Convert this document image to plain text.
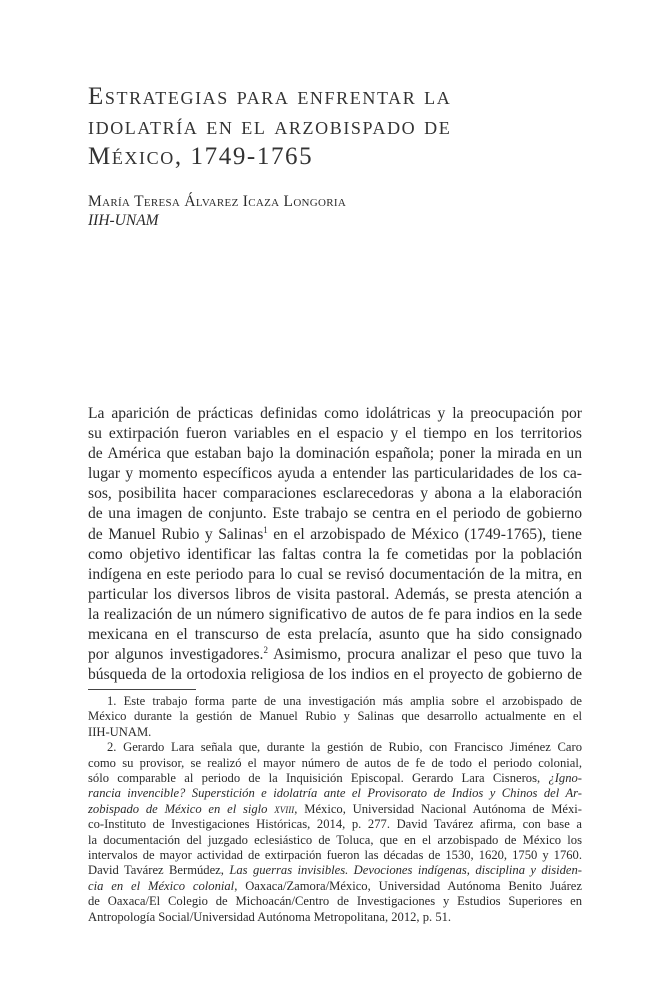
Estrategias para enfrentar la
idolatría en el arzobispado de
México, 1749-1765
María Teresa Álvarez Icaza Longoria
IIH-UNAM
La aparición de prácticas definidas como idolátricas y la preocupación por
su extirpación fueron variables en el espacio y el tiempo en los territorios
de América que estaban bajo la dominación española; poner la mirada en un
lugar y momento específicos ayuda a entender las particularidades de los ca-
sos, posibilita hacer comparaciones esclarecedoras y abona a la elaboración
de una imagen de conjunto. Este trabajo se centra en el periodo de gobierno
de Manuel Rubio y Salinas$^1$ en el arzobispado de México (1749-1765), tiene
como objetivo identificar las faltas contra la fe cometidas por la población
indígena en este periodo para lo cual se revisó documentación de la mitra, en
particular los diversos libros de visita pastoral. Además, se presta atención a
la realización de un número significativo de autos de fe para indios en la sede
mexicana en el transcurso de esta prelacía, asunto que ha sido consignado
por algunos investigadores.$^2$ Asimismo, procura analizar el peso que tuvo la
búsqueda de la ortodoxia religiosa de los indios en el proyecto de gobierno de
1. Este trabajo forma parte de una investigación más amplia sobre el arzobispado de
México durante la gestión de Manuel Rubio y Salinas que desarrollo actualmente en el
IIH-UNAM.
2. Gerardo Lara señala que, durante la gestión de Rubio, con Francisco Jiménez Caro
como su provisor, se realizó el mayor número de autos de fe de todo el periodo colonial,
sólo comparable al periodo de la Inquisición Episcopal. Gerardo Lara Cisneros, ¿Igno-
rancia invencible? Superstición e idolatría ante el Provisorato de Indios y Chinos del Ar-
zobispado de México en el siglo xviii, México, Universidad Nacional Autónoma de Méxi-
co-Instituto de Investigaciones Históricas, 2014, p. 277. David Tavárez afirma, con base a
la documentación del juzgado eclesiástico de Toluca, que en el arzobispado de México los
intervalos de mayor actividad de extirpación fueron las décadas de 1530, 1620, 1750 y 1760.
David Tavárez Bermúdez, Las guerras invisibles. Devociones indígenas, disciplina y disiden-
cia en el México colonial, Oaxaca/Zamora/México, Universidad Autónoma Benito Juárez
de Oaxaca/El Colegio de Michoacán/Centro de Investigaciones y Estudios Superiores en
Antropología Social/Universidad Autónoma Metropolitana, 2012, p. 51.
